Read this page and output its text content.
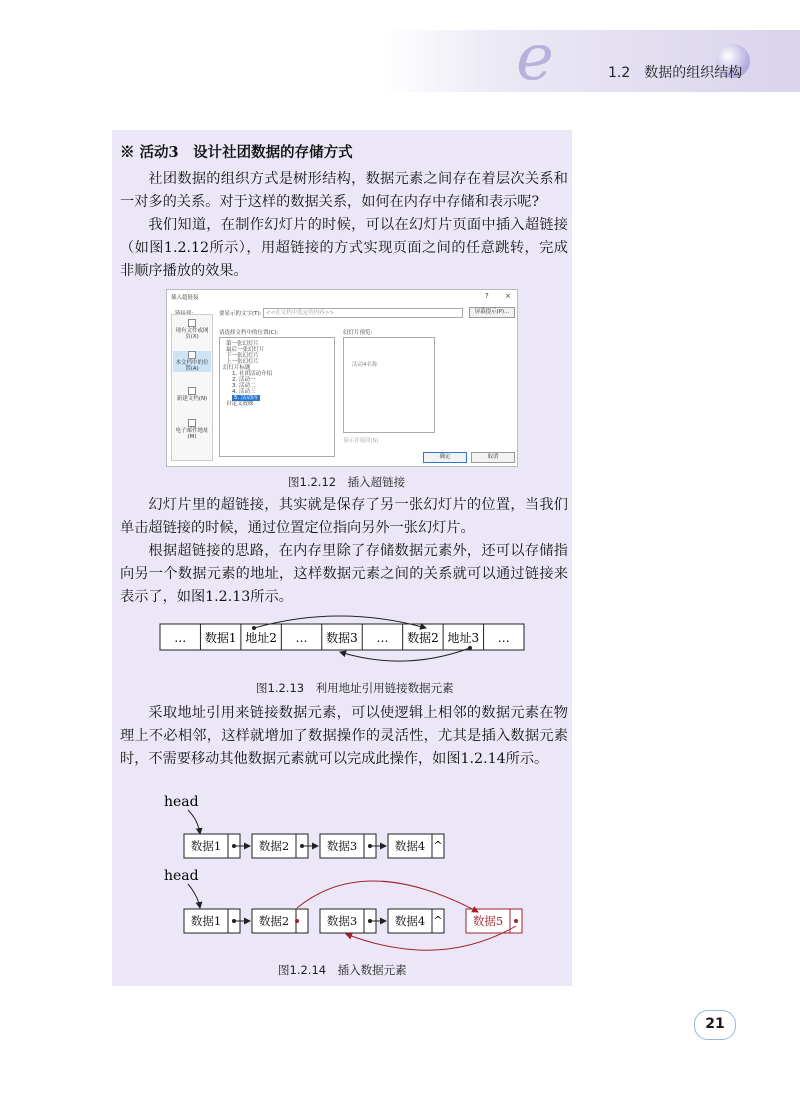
e	1.2　数据的组织结构
※ 活动3　设计社团数据的存储方式

社团数据的组织方式是树形结构，数据元素之间存在着层次关系和一对多的关系。对于这样的数据关系，如何在内存中存储和表示呢?

我们知道，在制作幻灯片的时候，可以在幻灯片页面中插入超链接（如图1.2.12所示），用超链接的方式实现页面之间的任意跳转，完成非顺序播放的效果。

插入超链接	? ×
要显示的文字(T): <<在文档中选定的内容>>	屏幕提示(P)...
现有文件或网页(X)
本文档中的位置(A)
新建文档(N)
电子邮件地址(M)
请选择文档中的位置(C):
第一张幻灯片
最后一张幻灯片
下一张幻灯片
上一张幻灯片
幻灯片标题
1. 社团活动介绍
2. 活动一
3. 活动二
4. 活动三
5. 活动四
自定义放映
幻灯片预览:
活动4名称
显示并返回(S)
确定	取消
图1.2.12　插入超链接

幻灯片里的超链接，其实就是保存了另一张幻灯片的位置，当我们单击超链接的时候，通过位置定位指向另外一张幻灯片。

根据超链接的思路，在内存里除了存储数据元素外，还可以存储指向另一个数据元素的地址，这样数据元素之间的关系就可以通过链接来表示了，如图1.2.13所示。

… 数据1 地址2 … 数据3 … 数据2 地址3 …
图1.2.13　利用地址引用链接数据元素

采取地址引用来链接数据元素，可以使逻辑上相邻的数据元素在物理上不必相邻，这样就增加了数据操作的灵活性，尤其是插入数据元素时，不需要移动其他数据元素就可以完成此操作，如图1.2.14所示。

head
数据1	数据2	数据3	数据4 ^
head
数据1	数据2	数据3	数据4 ^	数据5
图1.2.14　插入数据元素
21
